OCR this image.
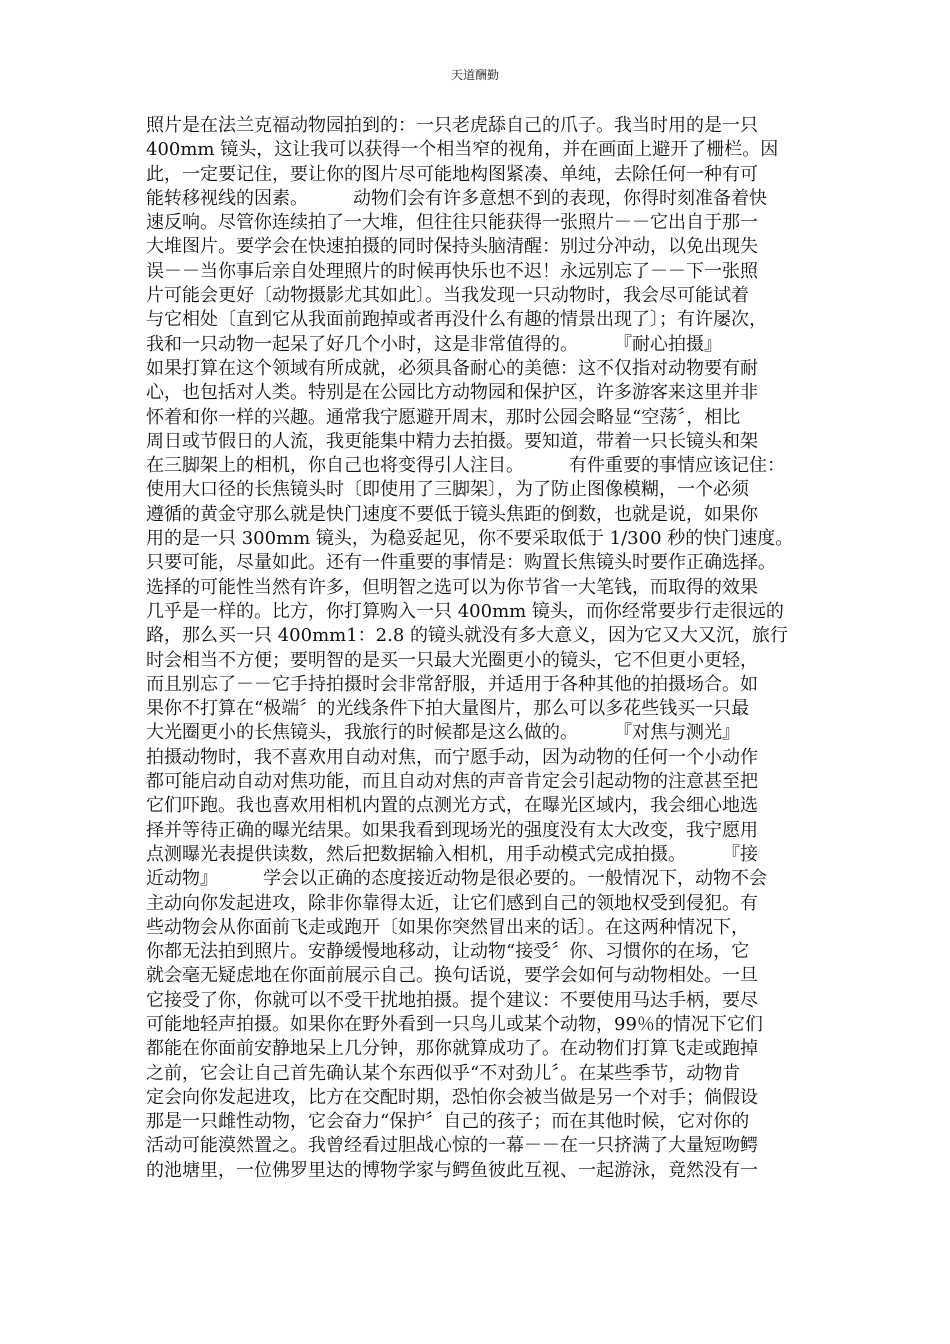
天道酬勤
照片是在法兰克福动物园拍到的：一只老虎舔自己的爪子。我当时用的是一只
400mm 镜头，这让我可以获得一个相当窄的视角，并在画面上避开了栅栏。因
此，一定要记住，要让你的图片尽可能地构图紧凑、单纯，去除任何一种有可
能转移视线的因素。　　　动物们会有许多意想不到的表现，你得时刻准备着快
速反响。尽管你连续拍了一大堆，但往往只能获得一张照片－－它出自于那一
大堆图片。要学会在快速拍摄的同时保持头脑清醒：别过分冲动，以免出现失
误－－当你事后亲自处理照片的时候再快乐也不迟！永远别忘了－－下一张照
片可能会更好〔动物摄影尤其如此〕。当我发现一只动物时，我会尽可能试着
与它相处〔直到它从我面前跑掉或者再没什么有趣的情景出现了〕；有许屡次，
我和一只动物一起呆了好几个小时，这是非常值得的。　　　『耐心拍摄』
如果打算在这个领域有所成就，必须具备耐心的美德：这不仅指对动物要有耐
心，也包括对人类。特别是在公园比方动物园和保护区，许多游客来这里并非
怀着和你一样的兴趣。通常我宁愿避开周末，那时公园会略显“空荡〞，相比
周日或节假日的人流，我更能集中精力去拍摄。要知道，带着一只长镜头和架
在三脚架上的相机，你自己也将变得引人注目。　　　有件重要的事情应该记住：
使用大口径的长焦镜头时〔即使用了三脚架〕，为了防止图像模糊，一个必须
遵循的黄金守那么就是快门速度不要低于镜头焦距的倒数，也就是说，如果你
用的是一只 300mm 镜头，为稳妥起见，你不要采取低于 1/300 秒的快门速度。
只要可能，尽量如此。还有一件重要的事情是：购置长焦镜头时要作正确选择。
选择的可能性当然有许多，但明智之选可以为你节省一大笔钱，而取得的效果
几乎是一样的。比方，你打算购入一只 400mm 镜头，而你经常要步行走很远的
路，那么买一只 400mm1：2.8 的镜头就没有多大意义，因为它又大又沉，旅行
时会相当不方便；要明智的是买一只最大光圈更小的镜头，它不但更小更轻，
而且别忘了－－它手持拍摄时会非常舒服，并适用于各种其他的拍摄场合。如
果你不打算在“极端〞的光线条件下拍大量图片，那么可以多花些钱买一只最
大光圈更小的长焦镜头，我旅行的时候都是这么做的。　　　『对焦与测光』
拍摄动物时，我不喜欢用自动对焦，而宁愿手动，因为动物的任何一个小动作
都可能启动自动对焦功能，而且自动对焦的声音肯定会引起动物的注意甚至把
它们吓跑。我也喜欢用相机内置的点测光方式，在曝光区域内，我会细心地选
择并等待正确的曝光结果。如果我看到现场光的强度没有太大改变，我宁愿用
点测曝光表提供读数，然后把数据输入相机，用手动模式完成拍摄。　　　『接
近动物』　　　学会以正确的态度接近动物是很必要的。一般情况下，动物不会
主动向你发起进攻，除非你靠得太近，让它们感到自己的领地权受到侵犯。有
些动物会从你面前飞走或跑开〔如果你突然冒出来的话〕。在这两种情况下，
你都无法拍到照片。安静缓慢地移动，让动物“接受〞你、习惯你的在场，它
就会毫无疑虑地在你面前展示自己。换句话说，要学会如何与动物相处。一旦
它接受了你，你就可以不受干扰地拍摄。提个建议：不要使用马达手柄，要尽
可能地轻声拍摄。如果你在野外看到一只鸟儿或某个动物，99％的情况下它们
都能在你面前安静地呆上几分钟，那你就算成功了。在动物们打算飞走或跑掉
之前，它会让自己首先确认某个东西似乎“不对劲儿〞。在某些季节，动物肯
定会向你发起进攻，比方在交配时期，恐怕你会被当做是另一个对手；倘假设
那是一只雌性动物，它会奋力“保护〞自己的孩子；而在其他时候，它对你的
活动可能漠然置之。我曾经看过胆战心惊的一幕－－在一只挤满了大量短吻鳄
的池塘里，一位佛罗里达的博物学家与鳄鱼彼此互视、一起游泳，竟然没有一
